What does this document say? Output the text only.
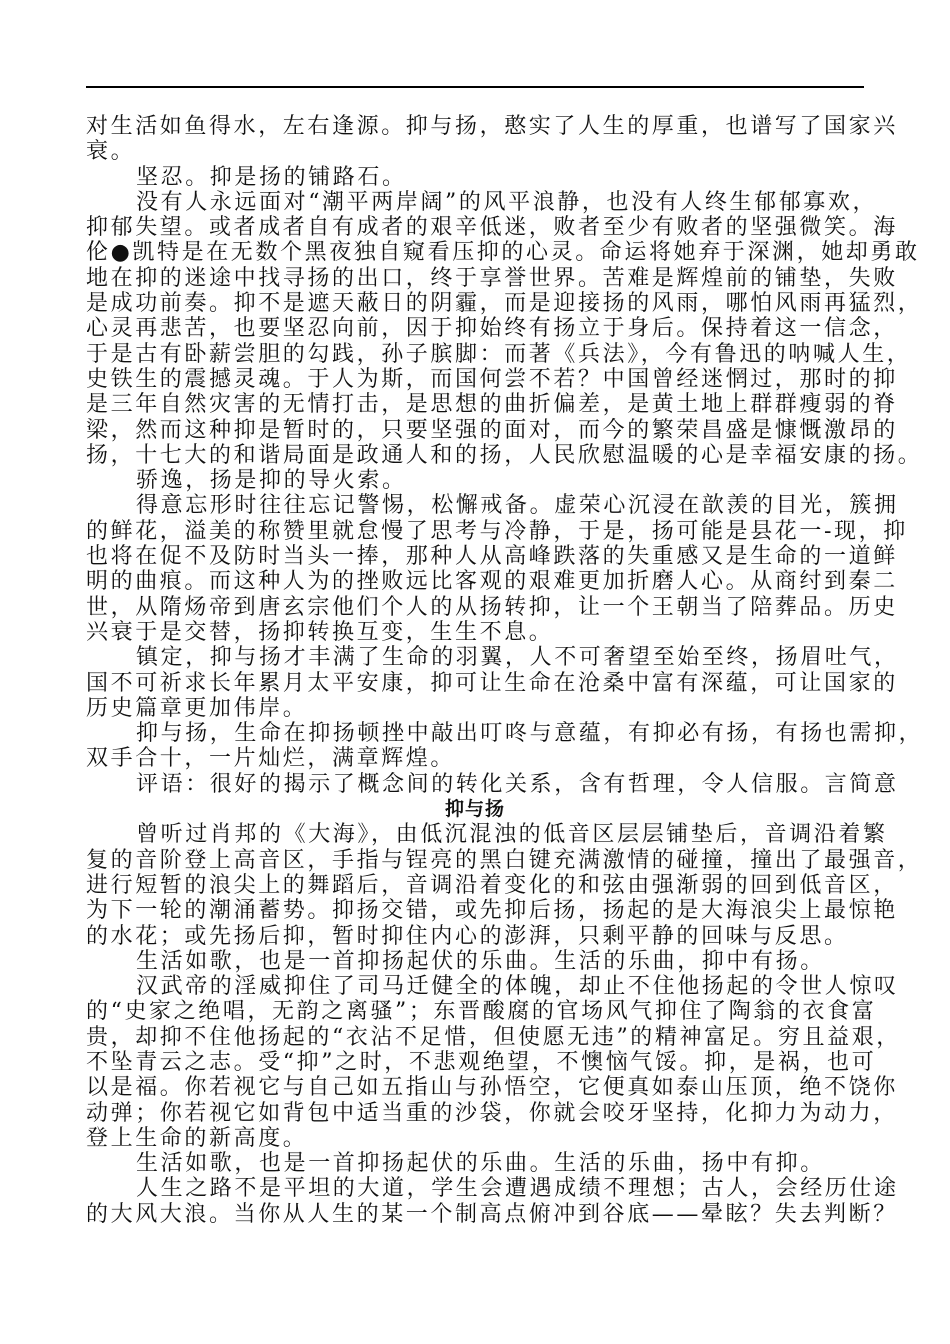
对生活如鱼得水，左右逢源。抑与扬，憨实了人生的厚重，也谱写了国家兴
衰。
坚忍。抑是扬的铺路石。
没有人永远面对“潮平两岸阔”的风平浪静，也没有人终生郁郁寡欢，
抑郁失望。或者成者自有成者的艰辛低迷，败者至少有败者的坚强微笑。海
伦●凯特是在无数个黑夜独自窥看压抑的心灵。命运将她弃于深渊，她却勇敢
地在抑的迷途中找寻扬的出口，终于享誉世界。苦难是辉煌前的铺垫，失败
是成功前奏。抑不是遮天蔽日的阴霾，而是迎接扬的风雨，哪怕风雨再猛烈，
心灵再悲苦，也要坚忍向前，因于抑始终有扬立于身后。保持着这一信念，
于是古有卧薪尝胆的勾践，孙子膑脚：而著《兵法》，今有鲁迅的呐喊人生，
史铁生的震撼灵魂。于人为斯，而国何尝不若？中国曾经迷惘过，那时的抑
是三年自然灾害的无情打击，是思想的曲折偏差，是黄土地上群群瘦弱的脊
梁，然而这种抑是暂时的，只要坚强的面对，而今的繁荣昌盛是慷慨激昂的
扬，十七大的和谐局面是政通人和的扬，人民欣慰温暖的心是幸福安康的扬。
骄逸，扬是抑的导火索。
得意忘形时往往忘记警惕，松懈戒备。虚荣心沉浸在歆羡的目光，簇拥
的鲜花，溢美的称赞里就怠慢了思考与冷静，于是，扬可能是县花一-现，抑
也将在促不及防时当头一捧，那种人从高峰跌落的失重感又是生命的一道鲜
明的曲痕。而这种人为的挫败远比客观的艰难更加折磨人心。从商纣到秦二
世，从隋炀帝到唐玄宗他们个人的从扬转抑，让一个王朝当了陪葬品。历史
兴衰于是交替，扬抑转换互变，生生不息。
镇定，抑与扬才丰满了生命的羽翼，人不可奢望至始至终，扬眉吐气，
国不可祈求长年累月太平安康，抑可让生命在沧桑中富有深蕴，可让国家的
历史篇章更加伟岸。
抑与扬，生命在抑扬顿挫中敲出叮咚与意蕴，有抑必有扬，有扬也需抑，
双手合十，一片灿烂，满章辉煌。
评语：很好的揭示了概念间的转化关系，含有哲理，令人信服。言简意
抑与扬
曾听过肖邦的《大海》，由低沉混浊的低音区层层铺垫后，音调沿着繁
复的音阶登上高音区，手指与锃亮的黑白键充满激情的碰撞，撞出了最强音，
进行短暂的浪尖上的舞蹈后，音调沿着变化的和弦由强渐弱的回到低音区，
为下一轮的潮涌蓄势。抑扬交错，或先抑后扬，扬起的是大海浪尖上最惊艳
的水花；或先扬后抑，暂时抑住内心的澎湃，只剩平静的回味与反思。
生活如歌，也是一首抑扬起伏的乐曲。生活的乐曲，抑中有扬。
汉武帝的淫威抑住了司马迁健全的体魄，却止不住他扬起的令世人惊叹
的“史家之绝唱，无韵之离骚”；东晋酸腐的官场风气抑住了陶翁的衣食富
贵，却抑不住他扬起的“衣沾不足惜，但使愿无违”的精神富足。穷且益艰，
不坠青云之志。受“抑”之时，不悲观绝望，不懊恼气馁。抑，是祸，也可
以是福。你若视它与自己如五指山与孙悟空，它便真如泰山压顶，绝不饶你
动弹；你若视它如背包中适当重的沙袋，你就会咬牙坚持，化抑力为动力，
登上生命的新高度。
生活如歌，也是一首抑扬起伏的乐曲。生活的乐曲，扬中有抑。
人生之路不是平坦的大道，学生会遭遇成绩不理想；古人，会经历仕途
的大风大浪。当你从人生的某一个制高点俯冲到谷底——晕眩？失去判断？
